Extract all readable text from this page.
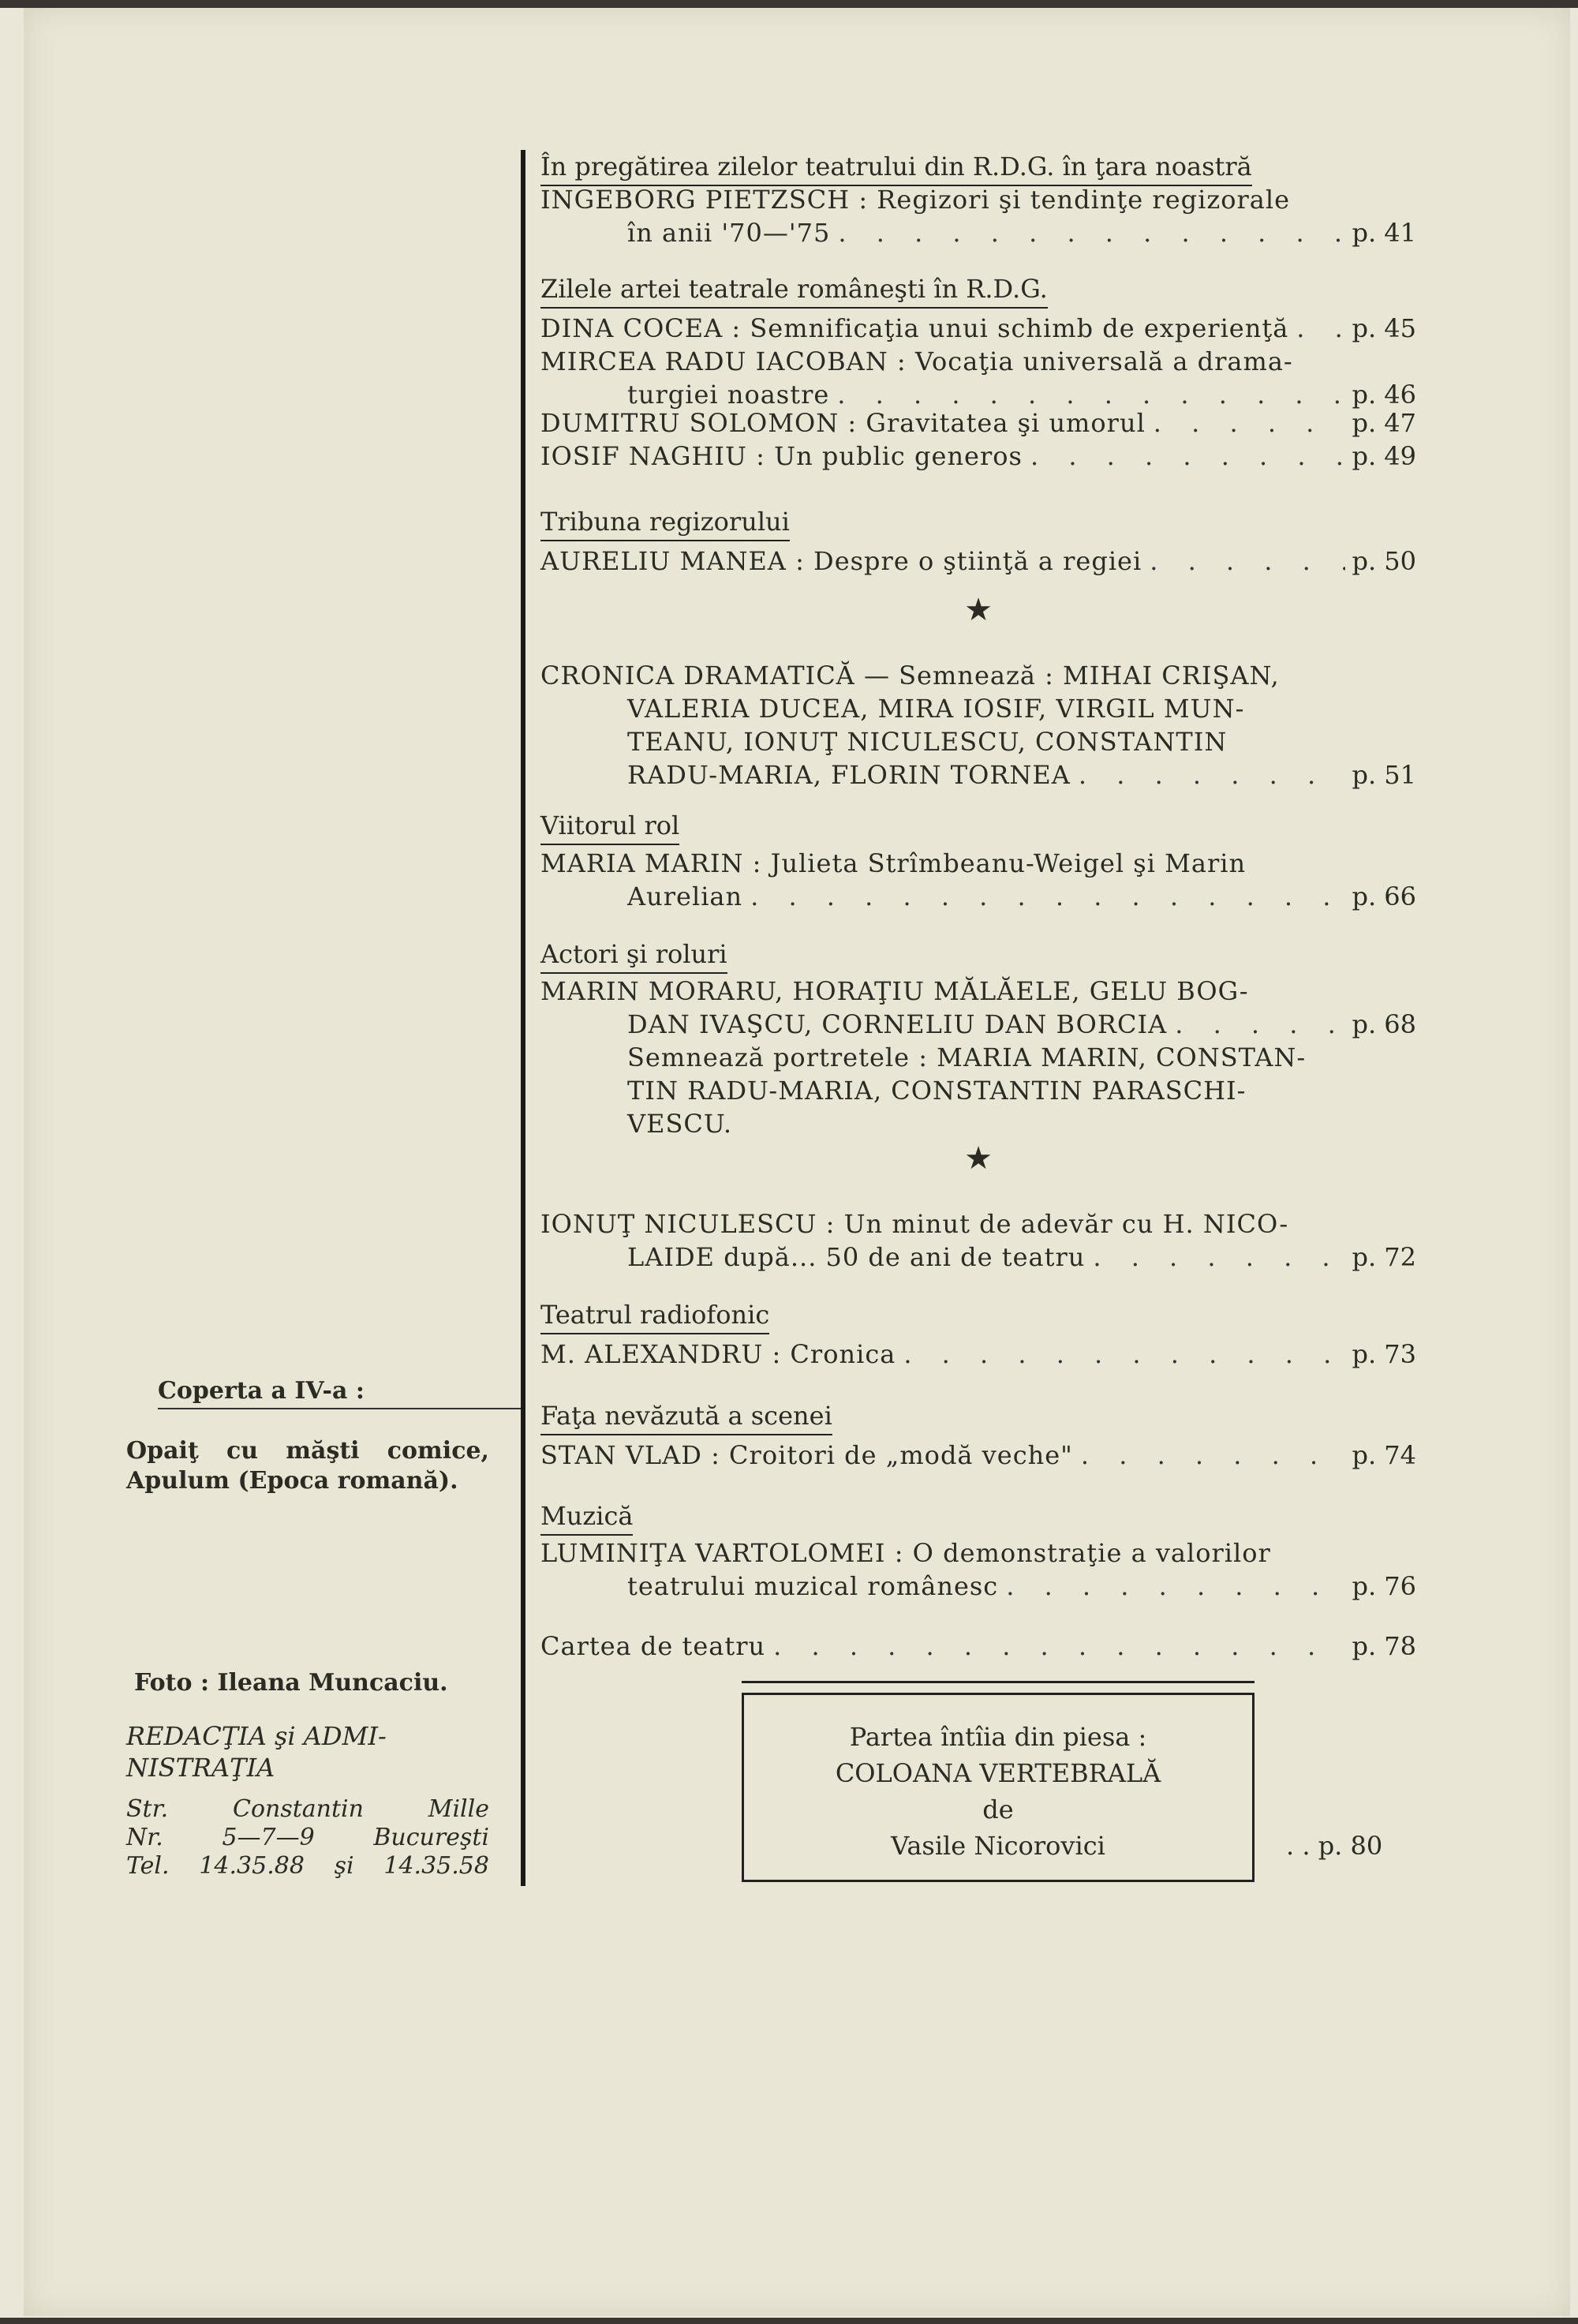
Coperta a IV-a :
Opaiţ cu măşti comice, Apulum (Epoca romană).
Foto : Ileana Muncaciu.
REDACŢIA şi ADMI-NISTRAŢIA
Str.	Constantin	Mille
Nr. 5—7—9 Bucureşti
Tel. 14.35.88 şi 14.35.58
În pregătirea zilelor teatrului din R.D.G. în ţara noastră
INGEBORG PIETZSCH : Regizori şi tendinţe regizorale
în anii '70—'75 . . .	p. 41
Zilele artei teatrale româneşti în R.D.G.
DINA COCEA : Semnificaţia unui schimb de experienţă . . .	p. 45
MIRCEA RADU IACOBAN : Vocaţia universală a drama-
turgiei noastre . . .	p. 46
DUMITRU SOLOMON : Gravitatea şi umorul . . .	p. 47
IOSIF NAGHIU : Un public generos . . .	p. 49
Tribuna regizorului
AURELIU MANEA : Despre o ştiinţă a regiei . . .	p. 50
CRONICA DRAMATICĂ — Semnează : MIHAI CRIŞAN,
VALERIA DUCEA, MIRA IOSIF, VIRGIL MUN-
TEANU, IONUŢ NICULESCU, CONSTANTIN
RADU-MARIA, FLORIN TORNEA . . .	p. 51
Viitorul rol
MARIA MARIN : Julieta Strîmbeanu-Weigel şi Marin
Aurelian . . .	p. 66
Actori şi roluri
MARIN MORARU, HORAŢIU MĂLĂELE, GELU BOG-
DAN IVAŞCU, CORNELIU DAN BORCIA . . .	p. 68
Semnează portretele : MARIA MARIN, CONSTAN-
TIN RADU-MARIA, CONSTANTIN PARASCHI-
VESCU.
IONUŢ NICULESCU : Un minut de adevăr cu H. NICO-
LAIDE după... 50 de ani de teatru . . .	p. 72
Teatrul radiofonic
M. ALEXANDRU : Cronica . . .	p. 73
Faţa nevăzută a scenei
STAN VLAD : Croitori de „modă veche" . . .	p. 74
Muzică
LUMINIŢA VARTOLOMEI : O demonstraţie a valorilor
teatrului muzical românesc . . .	p. 76
Cartea de teatru . . .	p. 78
★
★
Partea întîia din piesa :
COLOANA VERTEBRALĂ
de
Vasile Nicorovici	. . p. 80
